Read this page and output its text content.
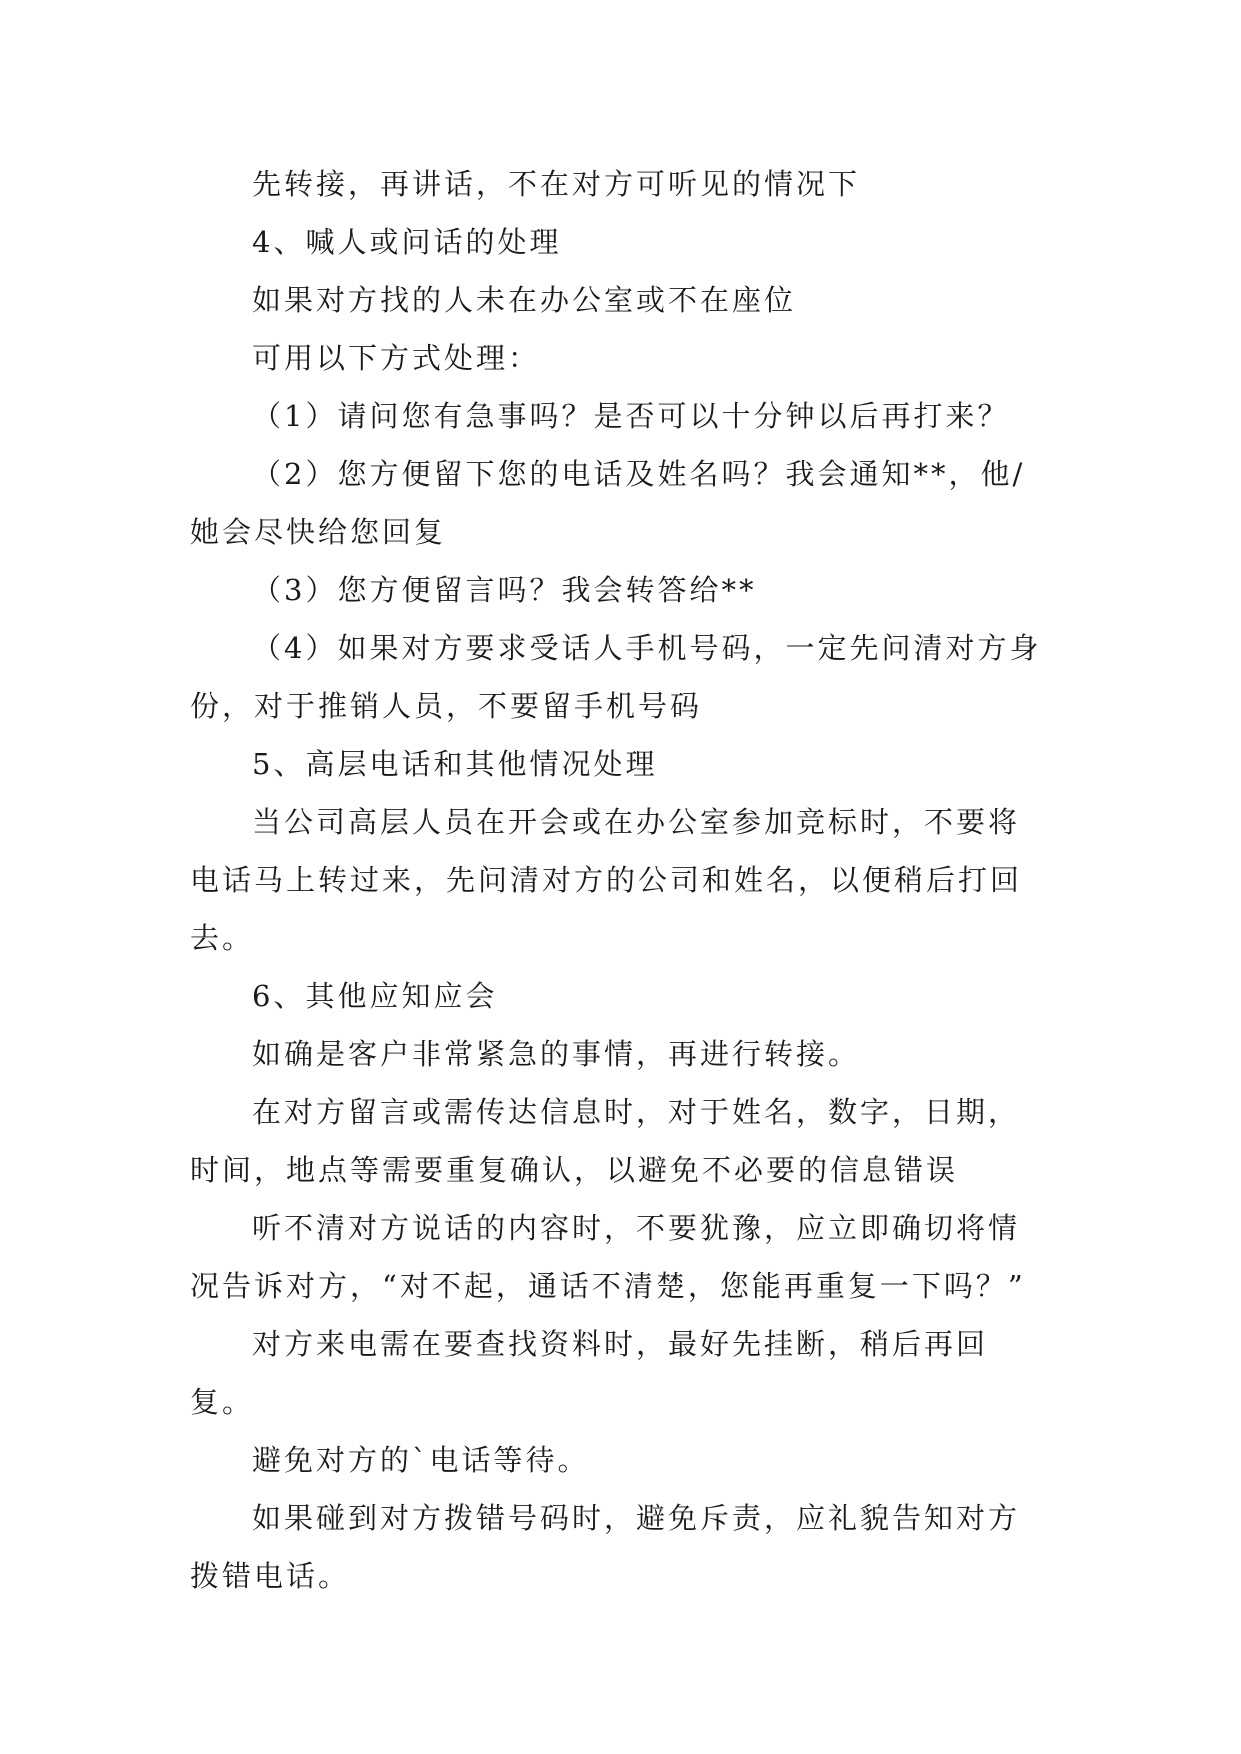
先转接，再讲话，不在对方可听见的情况下

4、喊人或问话的处理

如果对方找的人未在办公室或不在座位

可用以下方式处理：

（1）请问您有急事吗？是否可以十分钟以后再打来？

（2）您方便留下您的电话及姓名吗？我会通知**，他/她会尽快给您回复

（3）您方便留言吗？我会转答给**

（4）如果对方要求受话人手机号码，一定先问清对方身份，对于推销人员，不要留手机号码

5、高层电话和其他情况处理

当公司高层人员在开会或在办公室参加竞标时，不要将电话马上转过来，先问清对方的公司和姓名，以便稍后打回去。

6、其他应知应会

如确是客户非常紧急的事情，再进行转接。

在对方留言或需传达信息时，对于姓名，数字，日期，时间，地点等需要重复确认，以避免不必要的信息错误

听不清对方说话的内容时，不要犹豫，应立即确切将情况告诉对方，“对不起，通话不清楚，您能再重复一下吗？”

对方来电需在要查找资料时，最好先挂断，稍后再回复。

避免对方的`电话等待。

如果碰到对方拨错号码时，避免斥责，应礼貌告知对方拨错电话。
